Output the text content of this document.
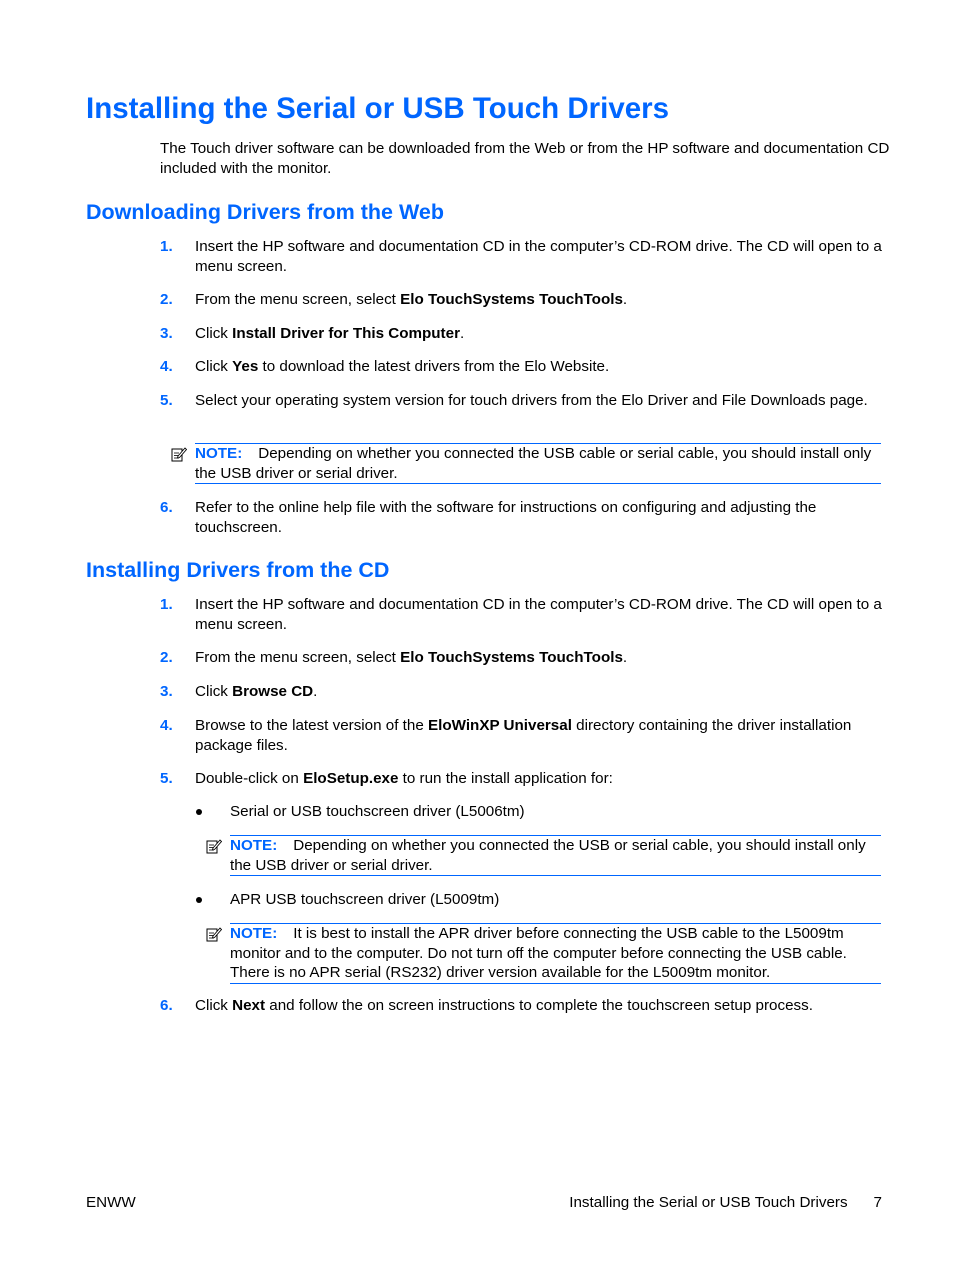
Installing the Serial or USB Touch Drivers
The Touch driver software can be downloaded from the Web or from the HP software and documentation CD included with the monitor.
Downloading Drivers from the Web
1. Insert the HP software and documentation CD in the computer’s CD-ROM drive. The CD will open to a menu screen.
2. From the menu screen, select Elo TouchSystems TouchTools.
3. Click Install Driver for This Computer.
4. Click Yes to download the latest drivers from the Elo Website.
5. Select your operating system version for touch drivers from the Elo Driver and File Downloads page.
NOTE: Depending on whether you connected the USB cable or serial cable, you should install only the USB driver or serial driver.
6. Refer to the online help file with the software for instructions on configuring and adjusting the touchscreen.
Installing Drivers from the CD
1. Insert the HP software and documentation CD in the computer’s CD-ROM drive. The CD will open to a menu screen.
2. From the menu screen, select Elo TouchSystems TouchTools.
3. Click Browse CD.
4. Browse to the latest version of the EloWinXP Universal directory containing the driver installation package files.
5. Double-click on EloSetup.exe to run the install application for:
Serial or USB touchscreen driver (L5006tm)
NOTE: Depending on whether you connected the USB or serial cable, you should install only the USB driver or serial driver.
APR USB touchscreen driver (L5009tm)
NOTE: It is best to install the APR driver before connecting the USB cable to the L5009tm monitor and to the computer. Do not turn off the computer before connecting the USB cable. There is no APR serial (RS232) driver version available for the L5009tm monitor.
6. Click Next and follow the on screen instructions to complete the touchscreen setup process.
ENWW	Installing the Serial or USB Touch Drivers 7
